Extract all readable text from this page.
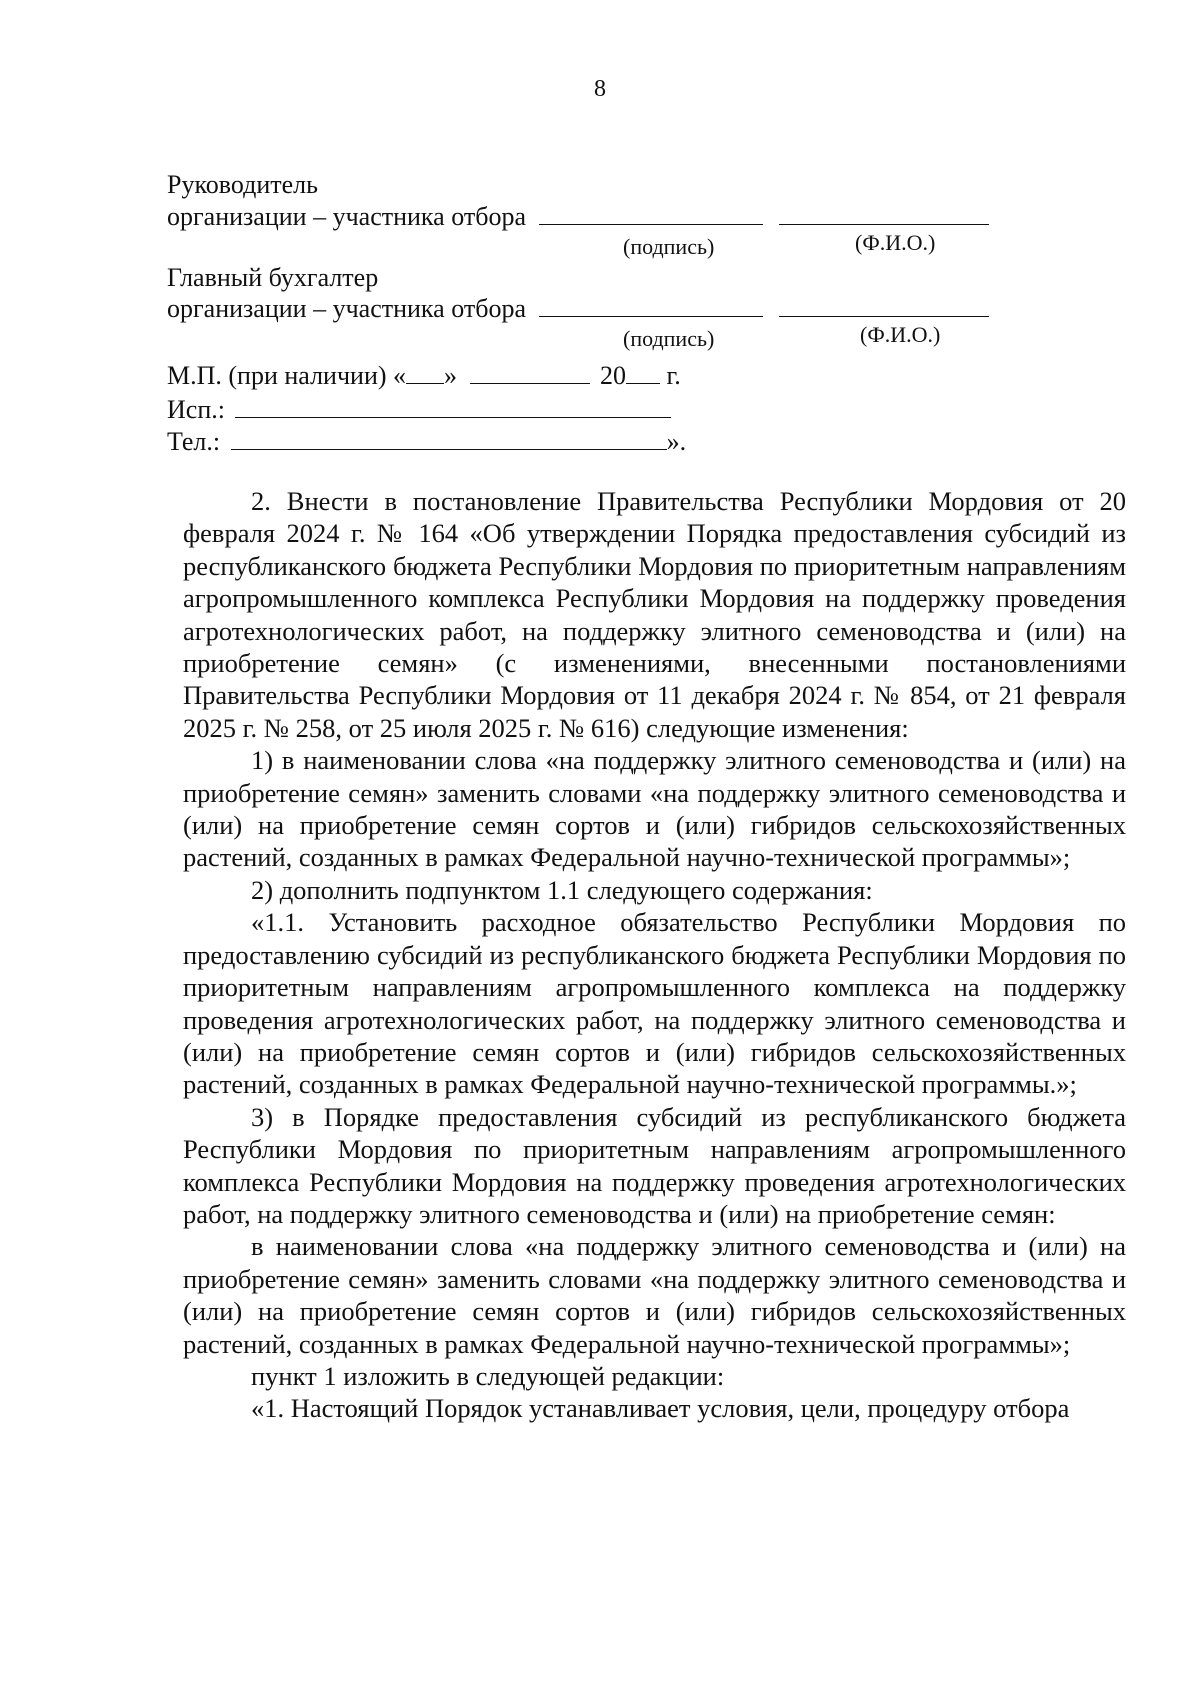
8
Руководитель
организации – участника отбора
(подпись)	(Ф.И.О.)
Главный бухгалтер
организации – участника отбора
(подпись)	(Ф.И.О.)
М.П. (при наличии) « »	20 г.
Исп.:
Тел.:	».

2. Внести в постановление Правительства Республики Мордовия от 20 февраля 2024 г. № 164 «Об утверждении Порядка предоставления субсидий из республиканского бюджета Республики Мордовия по приоритетным направлениям агропромышленного комплекса Республики Мордовия на поддержку проведения агротехнологических работ, на поддержку элитного семеноводства и (или) на приобретение семян» (с изменениями, внесенными постановлениями Правительства Республики Мордовия от 11 декабря 2024 г. № 854, от 21 февраля 2025 г. № 258, от 25 июля 2025 г. № 616) следующие изменения:

1) в наименовании слова «на поддержку элитного семеноводства и (или) на приобретение семян» заменить словами «на поддержку элитного семеноводства и (или) на приобретение семян сортов и (или) гибридов сельскохозяйственных растений, созданных в рамках Федеральной научно-технической программы»;

2) дополнить подпунктом 1.1 следующего содержания:

«1.1. Установить расходное обязательство Республики Мордовия по предоставлению субсидий из республиканского бюджета Республики Мордовия по приоритетным направлениям агропромышленного комплекса на поддержку проведения агротехнологических работ, на поддержку элитного семеноводства и (или) на приобретение семян сортов и (или) гибридов сельскохозяйственных растений, созданных в рамках Федеральной научно-технической программы.»;

3) в Порядке предоставления субсидий из республиканского бюджета Республики Мордовия по приоритетным направлениям агропромышленного комплекса Республики Мордовия на поддержку проведения агротехнологических работ, на поддержку элитного семеноводства и (или) на приобретение семян:

в наименовании слова «на поддержку элитного семеноводства и (или) на приобретение семян» заменить словами «на поддержку элитного семеноводства и (или) на приобретение семян сортов и (или) гибридов сельскохозяйственных растений, созданных в рамках Федеральной научно-технической программы»;

пункт 1 изложить в следующей редакции:

«1. Настоящий Порядок устанавливает условия, цели, процедуру отбора
